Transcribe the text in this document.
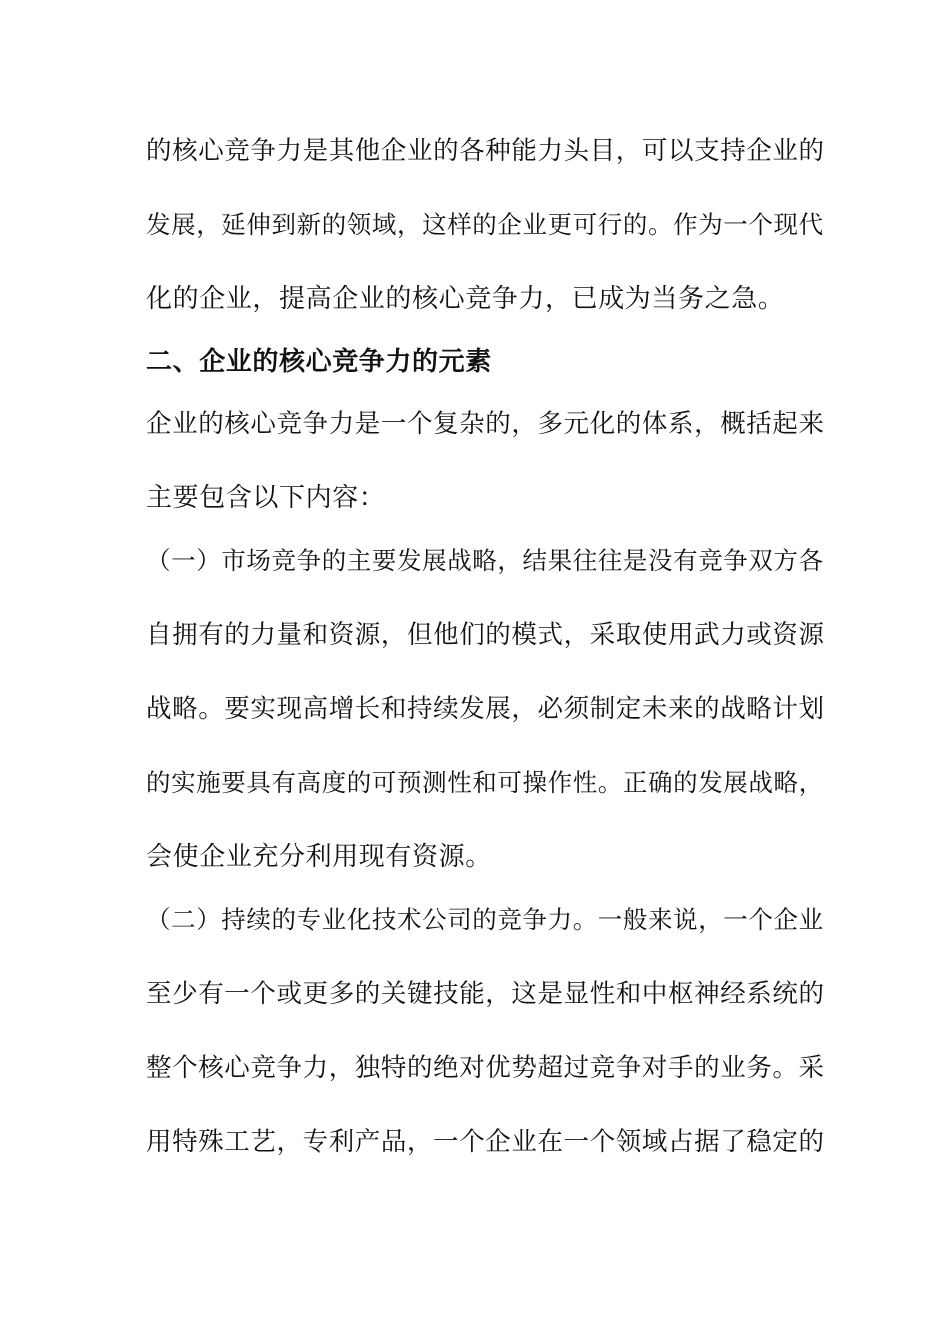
的核心竞争力是其他企业的各种能力头目，可以支持企业的
发展，延伸到新的领域，这样的企业更可行的。作为一个现代
化的企业，提高企业的核心竞争力，已成为当务之急。
二、企业的核心竞争力的元素
企业的核心竞争力是一个复杂的，多元化的体系，概括起来
主要包含以下内容：
（一）市场竞争的主要发展战略，结果往往是没有竞争双方各
自拥有的力量和资源，但他们的模式，采取使用武力或资源
战略。要实现高增长和持续发展，必须制定未来的战略计划
的实施要具有高度的可预测性和可操作性。正确的发展战略，
会使企业充分利用现有资源。
（二）持续的专业化技术公司的竞争力。一般来说，一个企业
至少有一个或更多的关键技能，这是显性和中枢神经系统的
整个核心竞争力，独特的绝对优势超过竞争对手的业务。采
用特殊工艺，专利产品，一个企业在一个领域占据了稳定的
